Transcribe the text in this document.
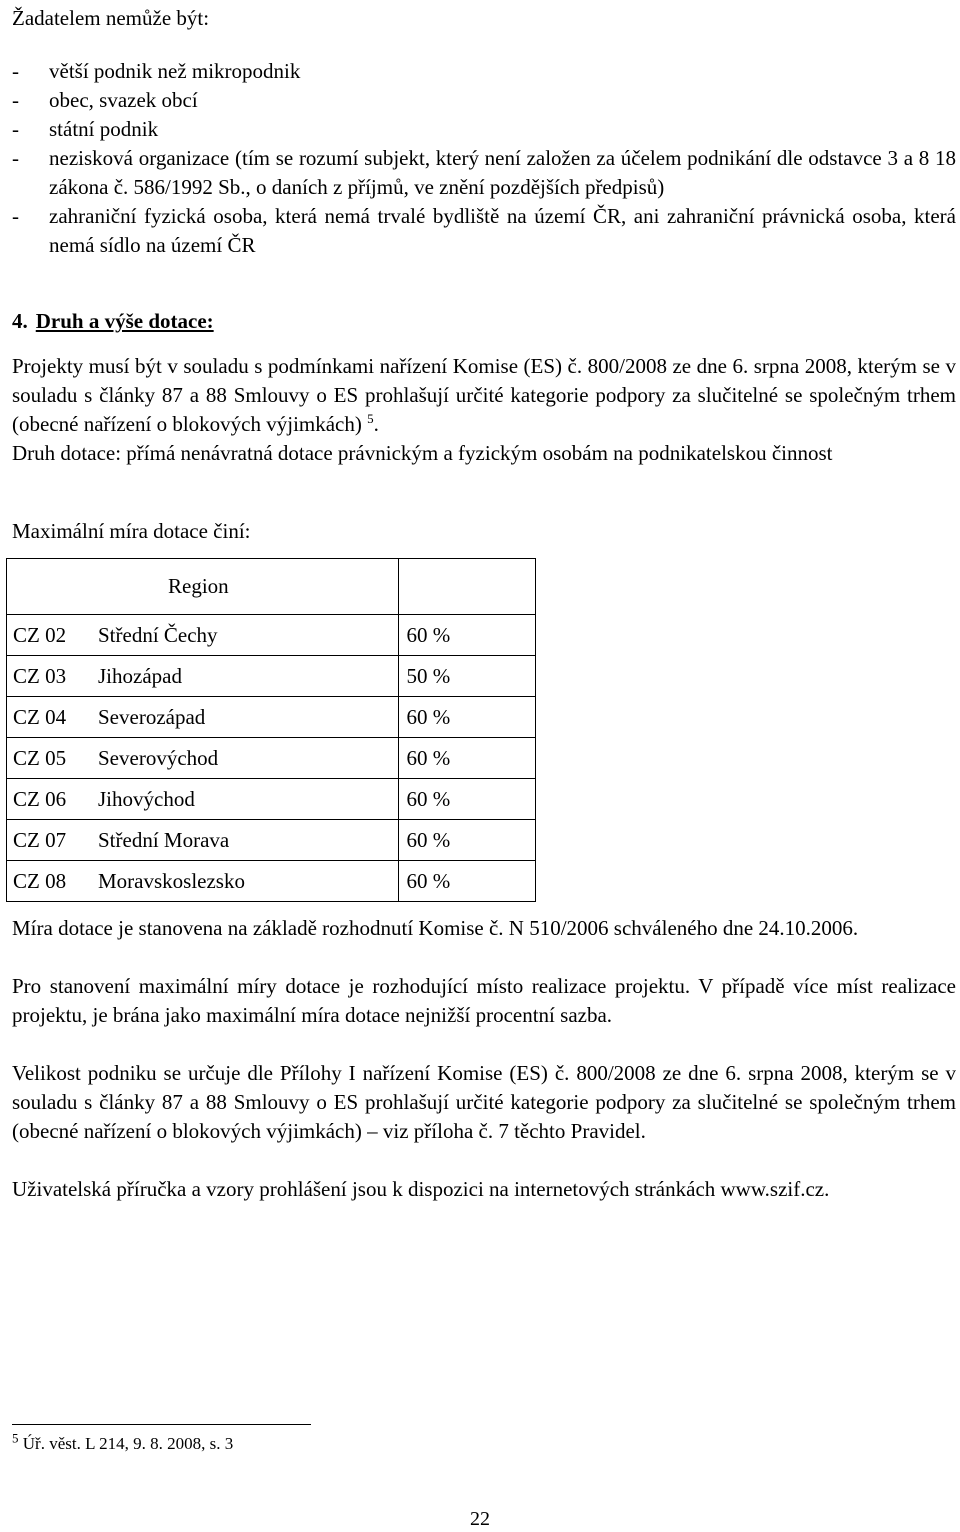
Žadatelem nemůže být:

- větší podnik než mikropodnik
- obec, svazek obcí
- státní podnik
- nezisková organizace (tím se rozumí subjekt, který není založen za účelem podnikání dle odstavce 3 a 8 18 zákona č. 586/1992 Sb., o daních z příjmů, ve znění pozdějších předpisů)
- zahraniční fyzická osoba, která nemá trvalé bydliště na území ČR, ani zahraniční právnická osoba, která nemá sídlo na území ČR

4. Druh a výše dotace:

Projekty musí být v souladu s podmínkami nařízení Komise (ES) č. 800/2008 ze dne 6. srpna 2008, kterým se v souladu s články 87 a 88 Smlouvy o ES prohlašují určité kategorie podpory za slučitelné se společným trhem (obecné nařízení o blokových výjimkách) $^5$.

Druh dotace: přímá nenávratná dotace právnickým a fyzickým osobám na podnikatelskou činnost

Maximální míra dotace činí:

Region	
CZ 02 Střední Čechy	60 %
CZ 03 Jihozápad	50 %
CZ 04 Severozápad	60 %
CZ 05 Severovýchod	60 %
CZ 06 Jihovýchod	60 %
CZ 07 Střední Morava	60 %
CZ 08 Moravskoslezsko	60 %

Míra dotace je stanovena na základě rozhodnutí Komise č. N 510/2006 schváleného dne 24.10.2006.

Pro stanovení maximální míry dotace je rozhodující místo realizace projektu. V případě více míst realizace projektu, je brána jako maximální míra dotace nejnižší procentní sazba.

Velikost podniku se určuje dle Přílohy I nařízení Komise (ES) č. 800/2008 ze dne 6. srpna 2008, kterým se v souladu s články 87 a 88 Smlouvy o ES prohlašují určité kategorie podpory za slučitelné se společným trhem (obecné nařízení o blokových výjimkách) – viz příloha č. 7 těchto Pravidel.

Uživatelská příručka a vzory prohlášení jsou k dispozici na internetových stránkách www.szif.cz.

$^5$ Úř. věst. L 214, 9. 8. 2008, s. 3

22
